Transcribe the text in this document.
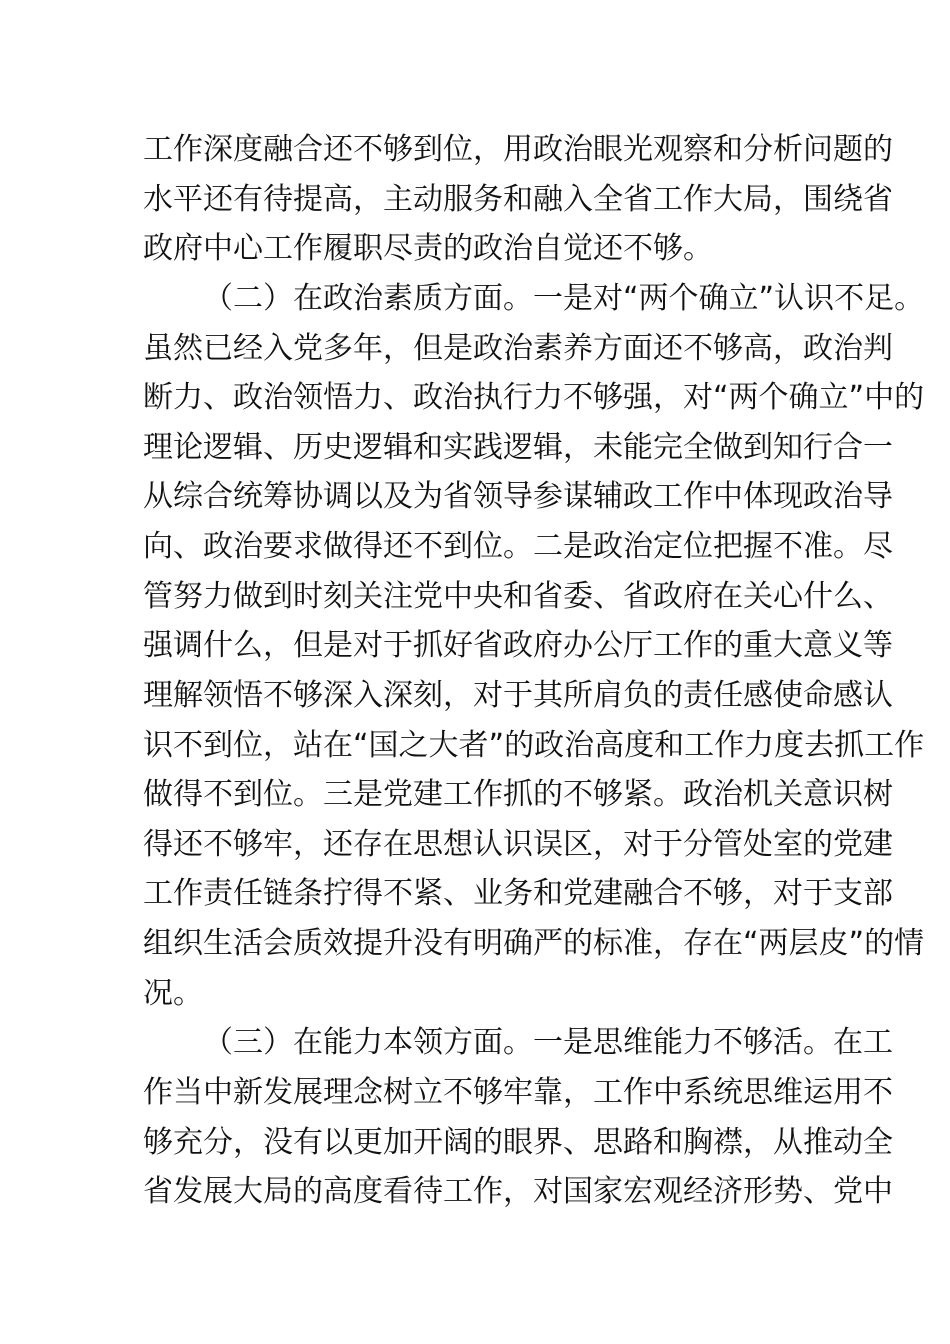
工作深度融合还不够到位，用政治眼光观察和分析问题的
水平还有待提高，主动服务和融入全省工作大局，围绕省
政府中心工作履职尽责的政治自觉还不够。
（二）在政治素质方面。一是对“两个确立”认识不足。
虽然已经入党多年，但是政治素养方面还不够高，政治判
断力、政治领悟力、政治执行力不够强，对“两个确立”中的
理论逻辑、历史逻辑和实践逻辑，未能完全做到知行合一
从综合统筹协调以及为省领导参谋辅政工作中体现政治导
向、政治要求做得还不到位。二是政治定位把握不准。尽
管努力做到时刻关注党中央和省委、省政府在关心什么、
强调什么，但是对于抓好省政府办公厅工作的重大意义等
理解领悟不够深入深刻，对于其所肩负的责任感使命感认
识不到位，站在“国之大者”的政治高度和工作力度去抓工作
做得不到位。三是党建工作抓的不够紧。政治机关意识树
得还不够牢，还存在思想认识误区，对于分管处室的党建
工作责任链条拧得不紧、业务和党建融合不够，对于支部
组织生活会质效提升没有明确严的标准，存在“两层皮”的情
况。
（三）在能力本领方面。一是思维能力不够活。在工
作当中新发展理念树立不够牢靠，工作中系统思维运用不
够充分，没有以更加开阔的眼界、思路和胸襟，从推动全
省发展大局的高度看待工作，对国家宏观经济形势、党中
